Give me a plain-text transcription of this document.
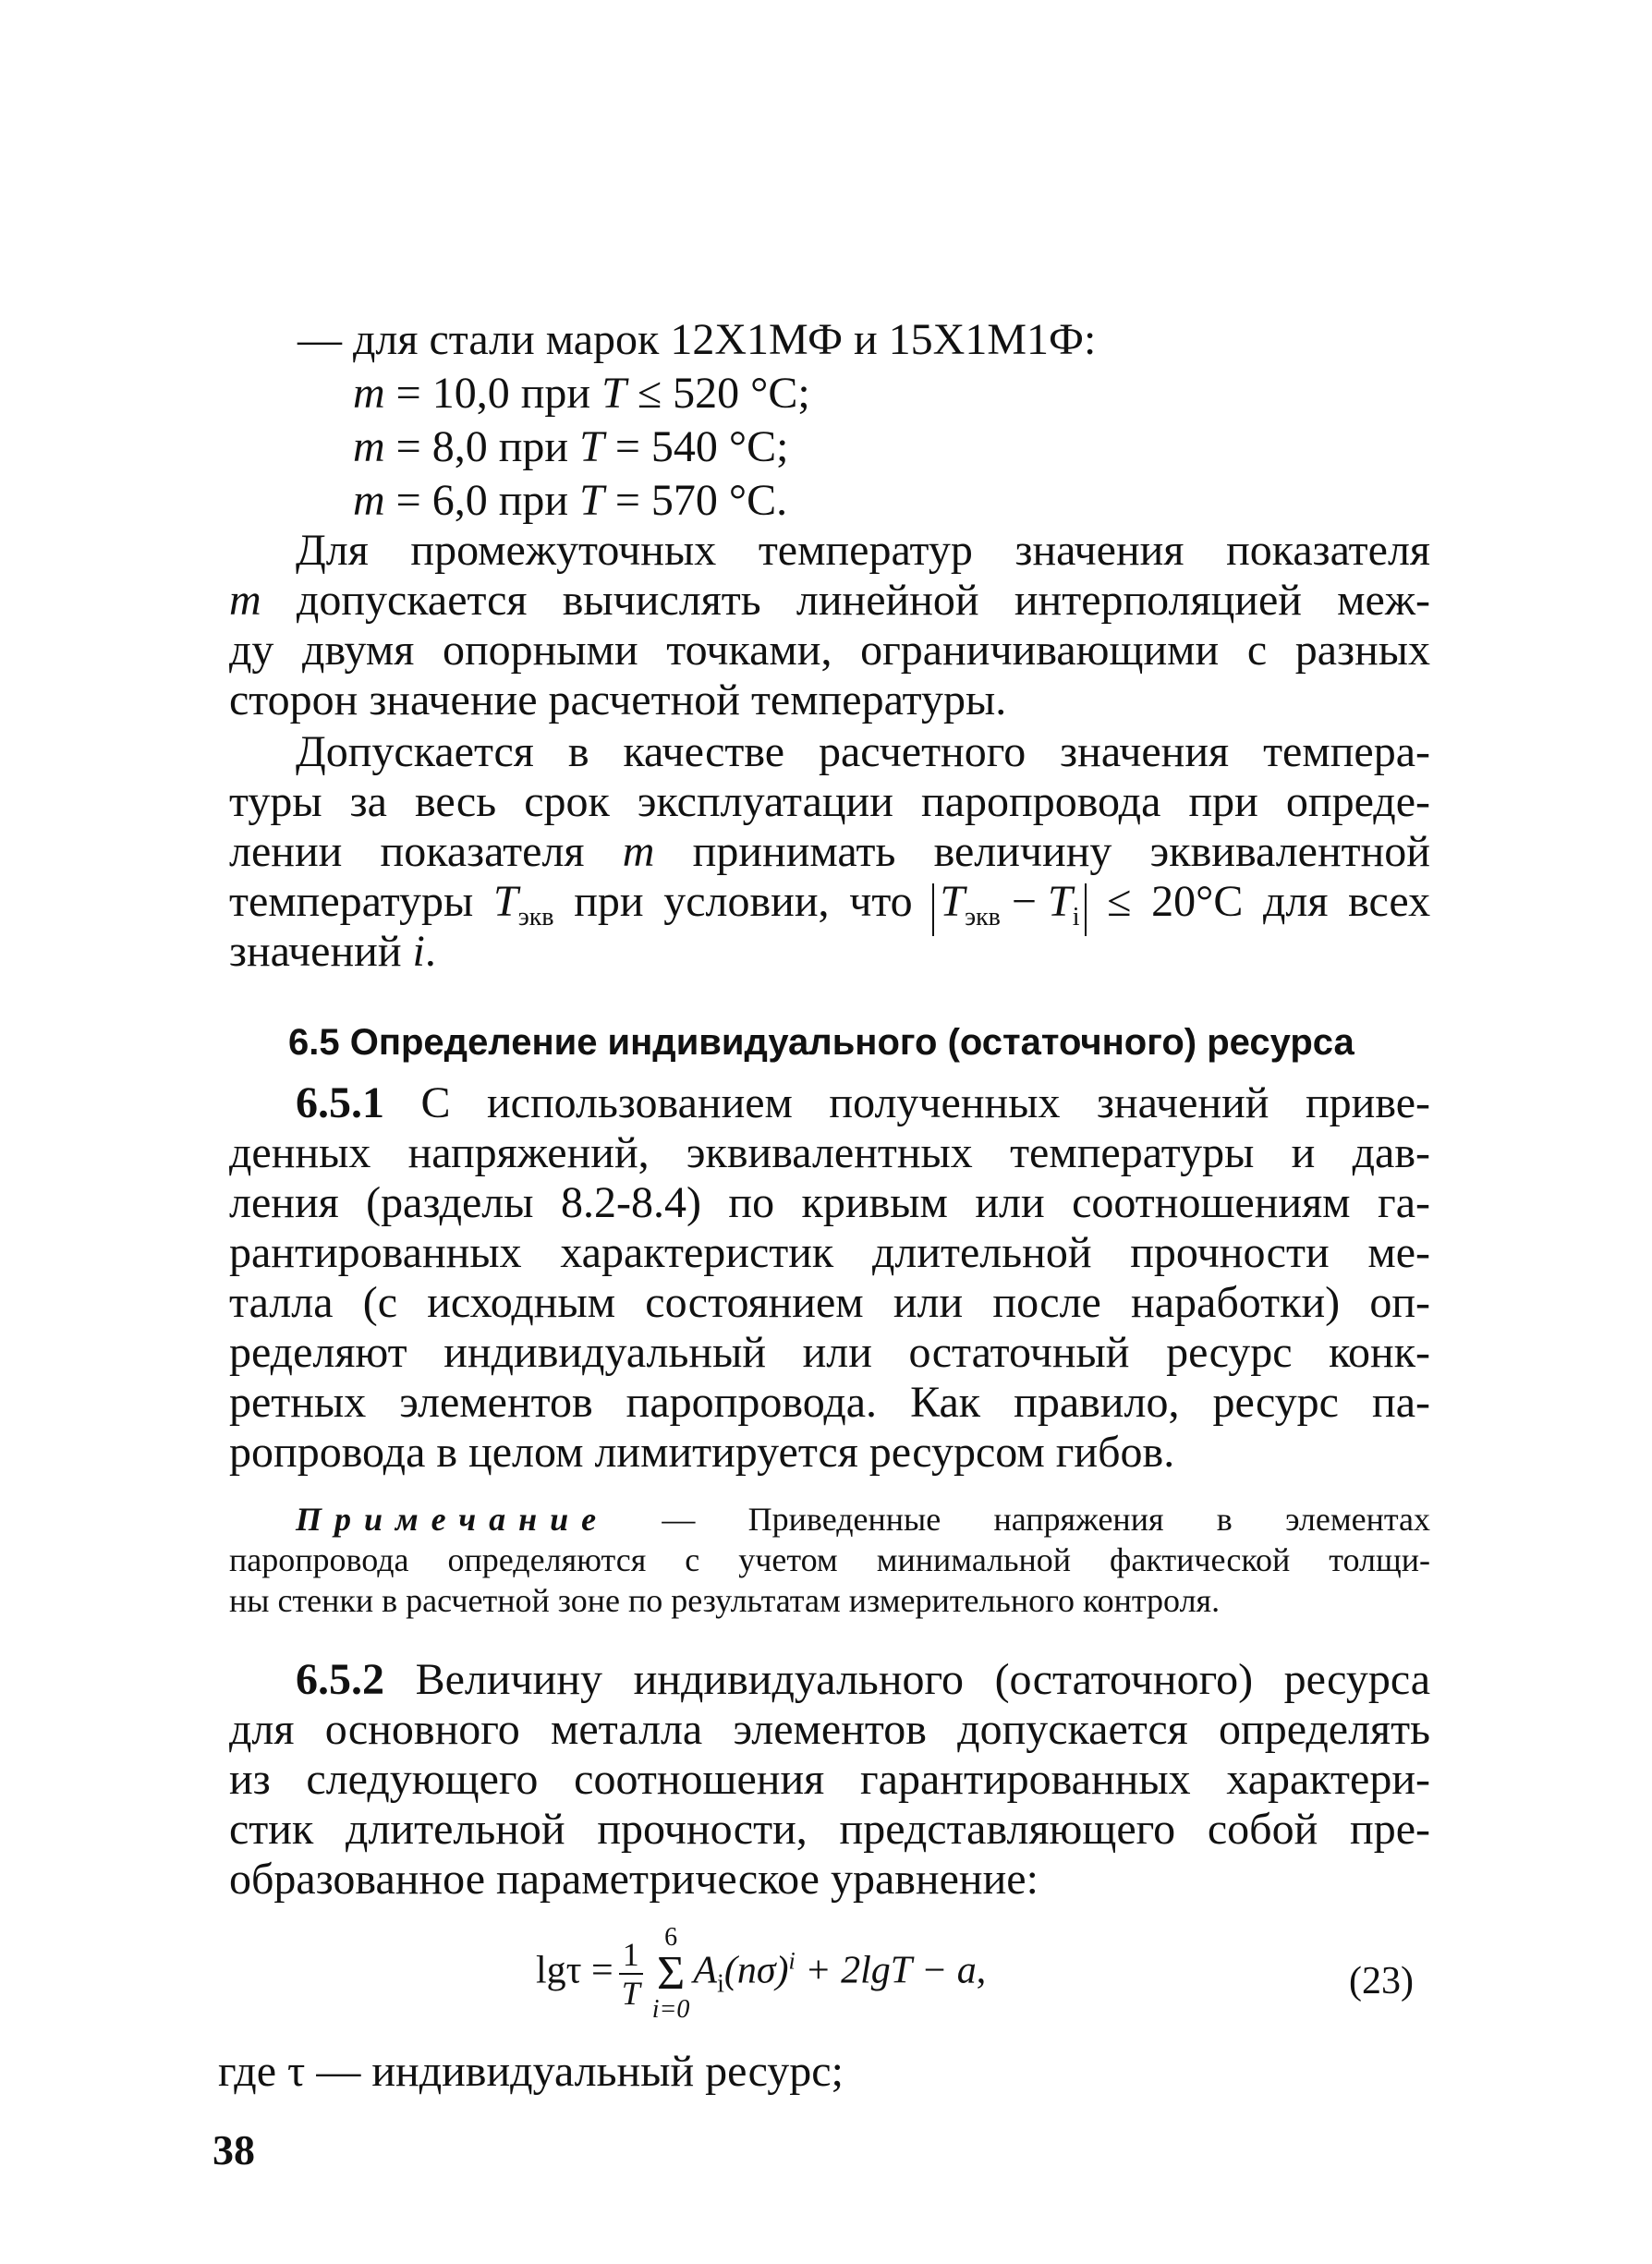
— для стали марок 12Х1МФ и 15Х1М1Ф:
m = 10,0 при T ≤ 520 °С;
m = 8,0 при T = 540 °С;
m = 6,0 при T = 570 °С.
Для промежуточных температур значения показателя
m допускается вычислять линейной интерполяцией меж-
ду двумя опорными точками, ограничивающими с разных
сторон значение расчетной температуры.
Допускается в качестве расчетного значения темпера-
туры за весь срок эксплуатации паропровода при опреде-
лении показателя m принимать величину эквивалентной
температуры $T_{экв}$ при условии, что $T_{экв} - T_i \le 20^\circ С$ для всех
значений i.
6.5 Определение индивидуального (остаточного) ресурса
6.5.1 С использованием полученных значений приве-
денных напряжений, эквивалентных температуры и дав-
ления (разделы 8.2-8.4) по кривым или соотношениям га-
рантированных характеристик длительной прочности ме-
талла (с исходным состоянием или после наработки) оп-
ределяют индивидуальный или остаточный ресурс конк-
ретных элементов паропровода. Как правило, ресурс па-
ропровода в целом лимитируется ресурсом гибов.
Примечание — Приведенные напряжения в элементах
паропровода определяются с учетом минимальной фактической толщи-
ны стенки в расчетной зоне по результатам измерительного контроля.
6.5.2 Величину индивидуального (остаточного) ресурса
для основного металла элементов допускается определять
из следующего соотношения гарантированных характери-
стик длительной прочности, представляющего собой пре-
образованное параметрическое уравнение:
$\lg\tau = \frac{1}{T} 6$
Σ
i=0
$A_i(n\sigma)^i + 2\lg T - a$,	(23)
где τ — индивидуальный ресурс;
38
